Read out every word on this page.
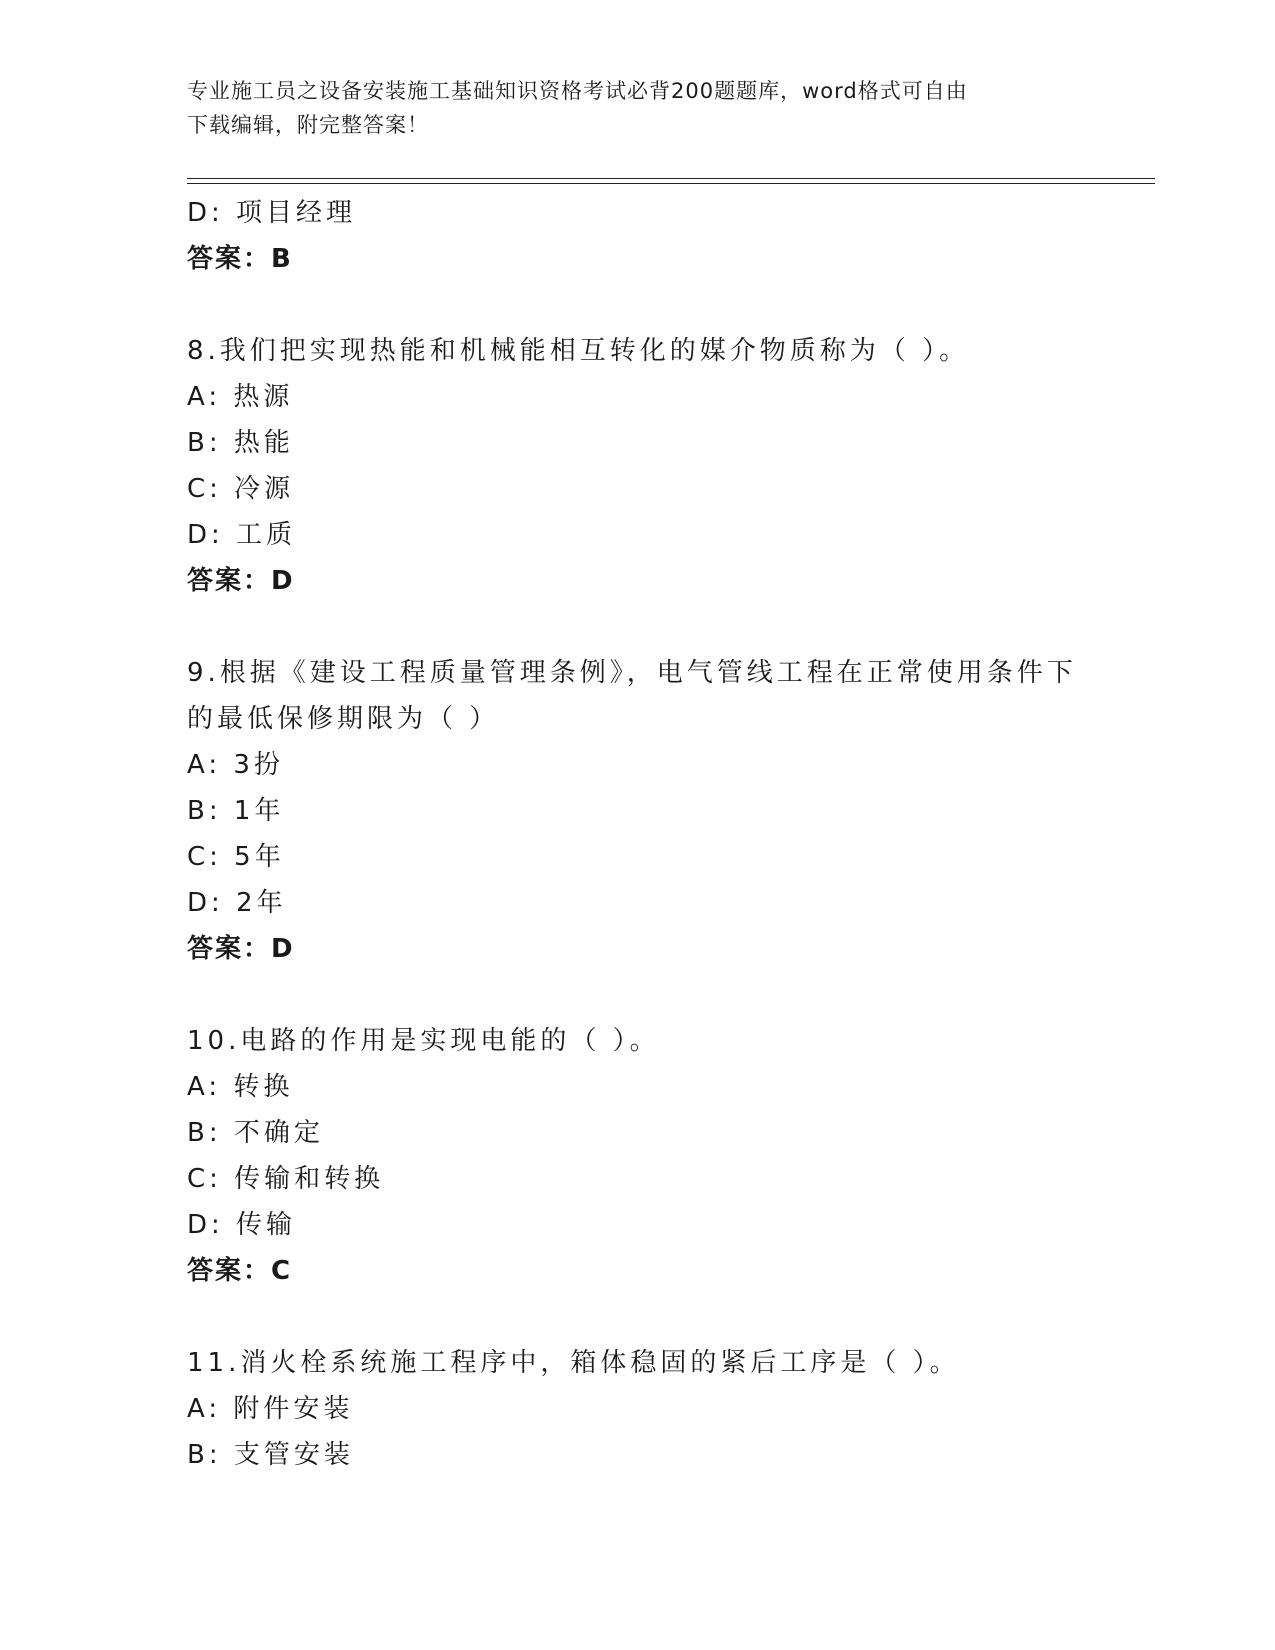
专业施工员之设备安装施工基础知识资格考试必背200题题库，word格式可自由
下载编辑，附完整答案！
D: 项目经理
答案：B
8.我们把实现热能和机械能相互转化的媒介物质称为（ ）。
A: 热源
B: 热能
C: 冷源
D: 工质
答案：D
9.根据《建设工程质量管理条例》，电气管线工程在正常使用条件下
的最低保修期限为（ ）
A: 3扮
B: 1年
C: 5年
D: 2年
答案：D
10.电路的作用是实现电能的（ ）。
A: 转换
B: 不确定
C: 传输和转换
D: 传输
答案：C
11.消火栓系统施工程序中，箱体稳固的紧后工序是（ ）。
A: 附件安装
B: 支管安装
